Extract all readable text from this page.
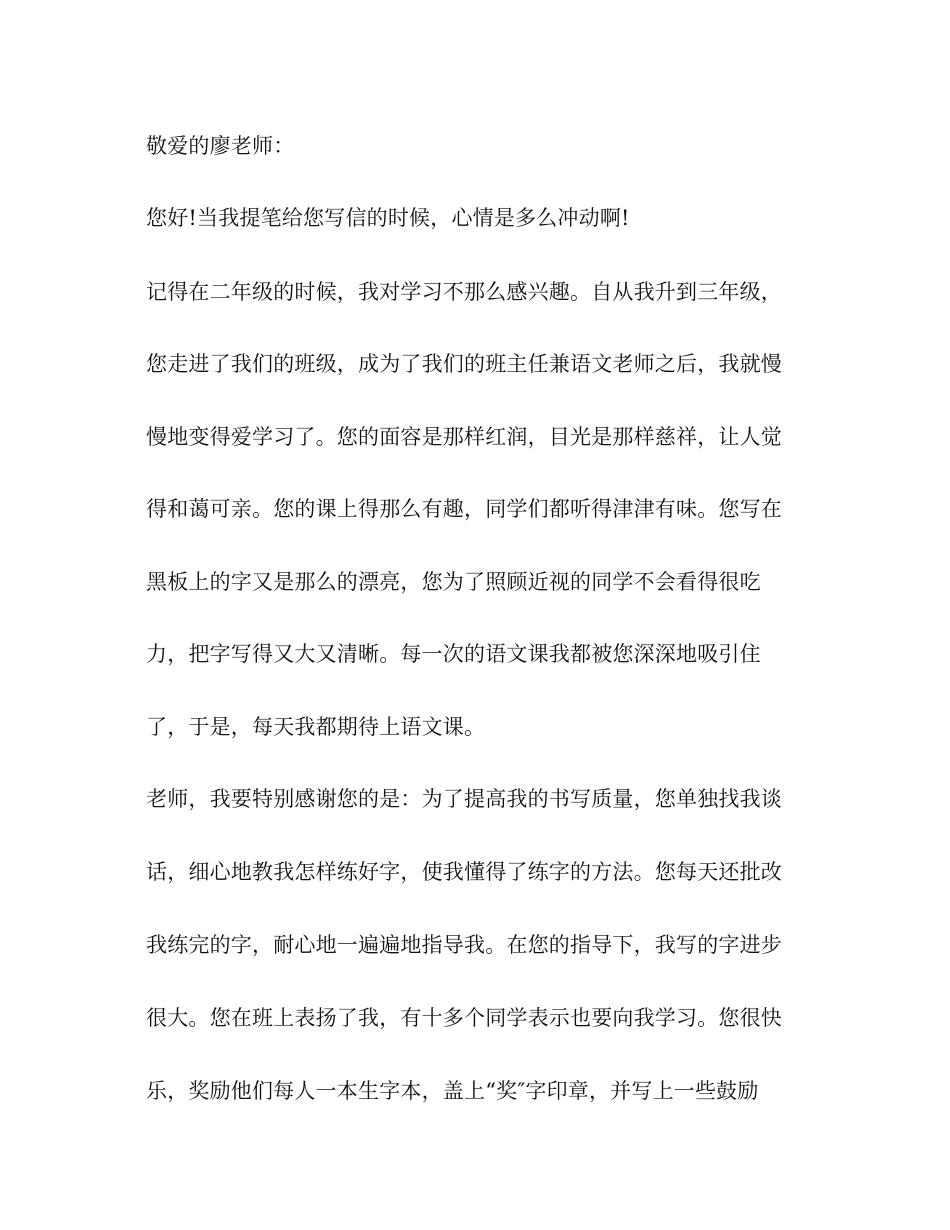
敬爱的廖老师：
您好!当我提笔给您写信的时候，心情是多么冲动啊!
记得在二年级的时候，我对学习不那么感兴趣。自从我升到三年级，
您走进了我们的班级，成为了我们的班主任兼语文老师之后，我就慢
慢地变得爱学习了。您的面容是那样红润，目光是那样慈祥，让人觉
得和蔼可亲。您的课上得那么有趣，同学们都听得津津有味。您写在
黑板上的字又是那么的漂亮，您为了照顾近视的同学不会看得很吃
力，把字写得又大又清晰。每一次的语文课我都被您深深地吸引住
了，于是，每天我都期待上语文课。
老师，我要特别感谢您的是：为了提高我的书写质量，您单独找我谈
话，细心地教我怎样练好字，使我懂得了练字的方法。您每天还批改
我练完的字，耐心地一遍遍地指导我。在您的指导下，我写的字进步
很大。您在班上表扬了我，有十多个同学表示也要向我学习。您很快
乐，奖励他们每人一本生字本，盖上“奖″字印章，并写上一些鼓励
